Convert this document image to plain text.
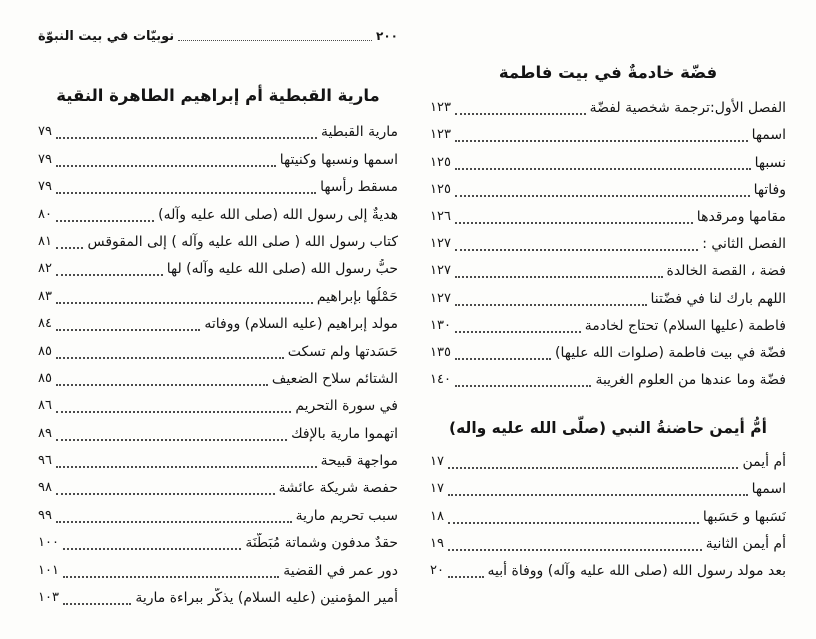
نوبيّات في بيت النبوّة	٢٠٠
مارية القبطية أم إبراهيم الطاهرة النقية
مارية القبطية
٧٩
اسمها ونسبها وكنيتها
٧٩
مسقط رأسها
٧٩
هديةٌ إلى رسول الله (صلى الله عليه وآله)
٨٠
كتاب رسول الله ( صلى الله عليه وآله ) إلى المقوقس
٨١
حبُّ رسول الله (صلى الله عليه وآله) لها
٨٢
حَمْلُها بإبراهيم
٨٣
مولد إبراهيم (عليه السلام) ووفاته
٨٤
حَسَدتها ولم تسكت
٨٥
الشتائم سلاح الضعيف
٨٥
في سورة التحريم
٨٦
اتهموا مارية بالإفك
٨٩
مواجهة قبيحة
٩٦
حفصة شريكة عائشة
٩٨
سبب تحريم مارية
٩٩
حقدٌ مدفون وشماتة مُبَطّنَة
١٠٠
دور عمر في القضية
١٠١
أمير المؤمنين (عليه السلام) يذكّر ببراءة مارية
١٠٣
فضّة خادمةٌ في بيت فاطمة
الفصل الأول:ترجمة شخصية لفضّة
١٢٣
اسمها
١٢٣
نسبها
١٢٥
وفاتها
١٢٥
مقامها ومرقدها
١٢٦
الفصل الثاني :
١٢٧
فضة ، القصة الخالدة
١٢٧
اللهم بارك لنا في فضّتنا
١٢٧
فاطمة (عليها السلام) تحتاج لخادمة
١٣٠
فضّة في بيت فاطمة (صلوات الله عليها)
١٣٥
فضّة وما عندها من العلوم الغريبة
١٤٠
أمُّ أيمن حاضنةُ النبي (صلّى الله عليه واله)
أم أيمن
١٧
اسمها
١٧
نَسَبها و حَسَبها
١٨
أم أيمن الثانية
١٩
بعد مولد رسول الله (صلى الله عليه وآله) ووفاة أبيه
٢٠
